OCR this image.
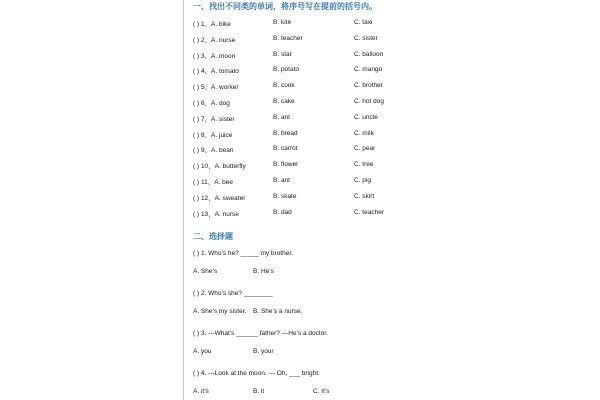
一、找出不同类的单词，将序号写在提前的括号内。
( ) 1、A. bike	B. kite	C. taxi
( ) 2、A. nurse	B. teacher	C. sister
( ) 3、A. moon	B. star	C. balloon
( ) 4、A. tomato	B. potato	C. mango
( ) 5、A. worker	B. cook	C. brother
( ) 6、A. dog	B. cake	C. hot dog
( ) 7、A. sister	B. ant	C. uncle
( ) 8、A. juice	B. bread	C. milk
( ) 9、A. bean	B. carrot	C. pear
( ) 10、A. butterfly	B. flower	C. tree
( ) 11、A. bee	B. ant	C. pig
( ) 12、A. sweater	B. skate	C. skirt
( ) 13、A. nurse	B. dad	C. teacher
二、选择题
( ) 1. Who’s he? _____ my brother.
A. She’s	B. He’s
( ) 2. Who’s she? ________
A. She’s my sister. B. She’s a nurse.
( ) 3. ---What’s ______ father? ---He’s a doctor.
A. you	B. your
( ) 4. ---Look at the moon. --- Oh, ___ bright.
A. it’s	B. it	C. It’s
